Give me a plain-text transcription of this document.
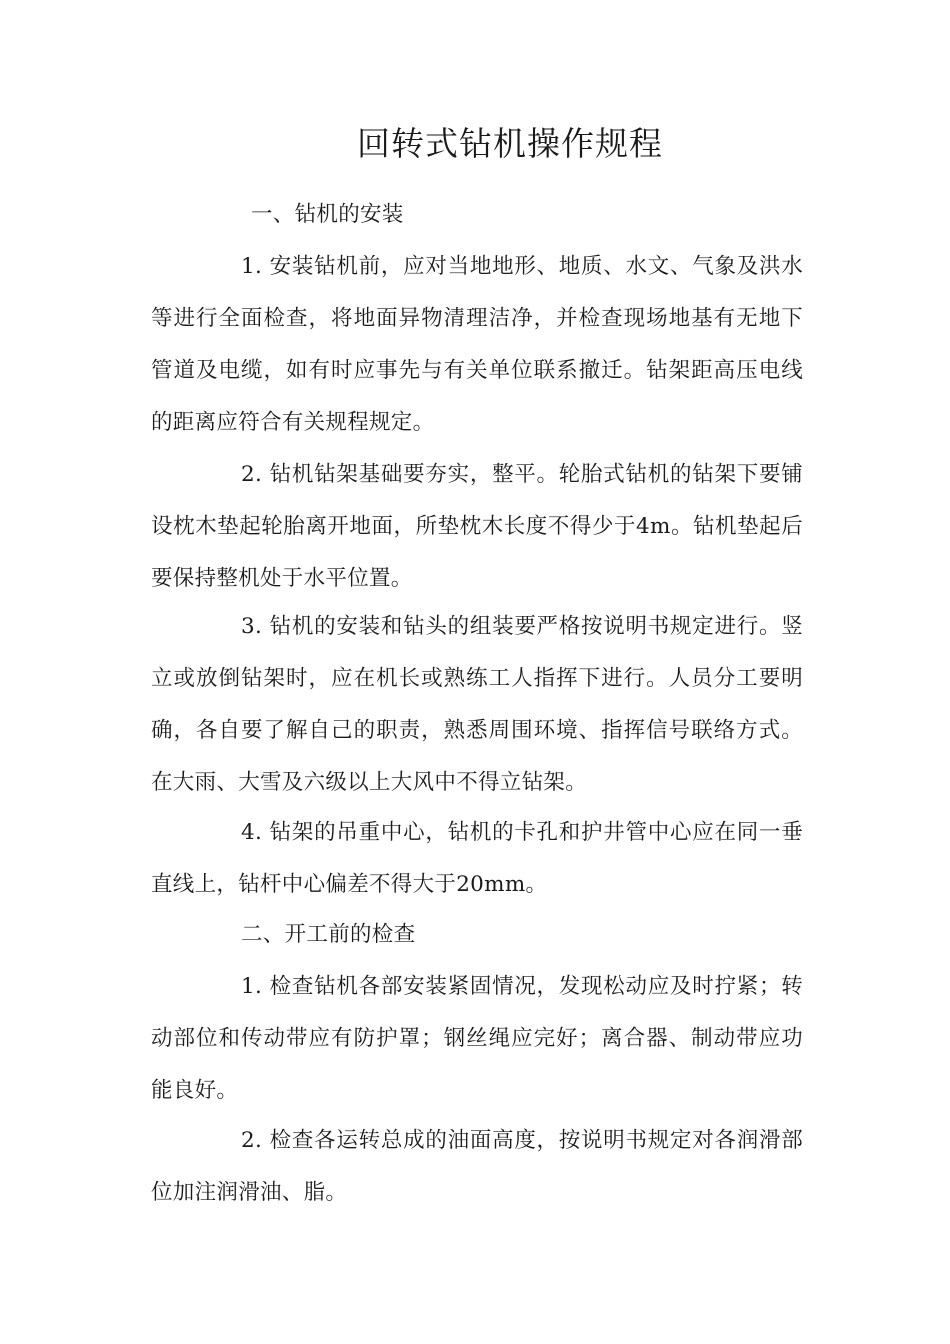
回转式钻机操作规程

一、钻机的安装

1. 安装钻机前，应对当地地形、地质、水文、气象及洪水等进行全面检查，将地面异物清理洁净，并检查现场地基有无地下管道及电缆，如有时应事先与有关单位联系撤迁。钻架距高压电线的距离应符合有关规程规定。

2. 钻机钻架基础要夯实，整平。轮胎式钻机的钻架下要铺设枕木垫起轮胎离开地面，所垫枕木长度不得少于4m。钻机垫起后要保持整机处于水平位置。

3. 钻机的安装和钻头的组装要严格按说明书规定进行。竖立或放倒钻架时，应在机长或熟练工人指挥下进行。人员分工要明确，各自要了解自己的职责，熟悉周围环境、指挥信号联络方式。在大雨、大雪及六级以上大风中不得立钻架。

4. 钻架的吊重中心，钻机的卡孔和护井管中心应在同一垂直线上，钻杆中心偏差不得大于20mm。

二、开工前的检查

1. 检查钻机各部安装紧固情况，发现松动应及时拧紧；转动部位和传动带应有防护罩；钢丝绳应完好；离合器、制动带应功能良好。

2. 检查各运转总成的油面高度，按说明书规定对各润滑部位加注润滑油、脂。
